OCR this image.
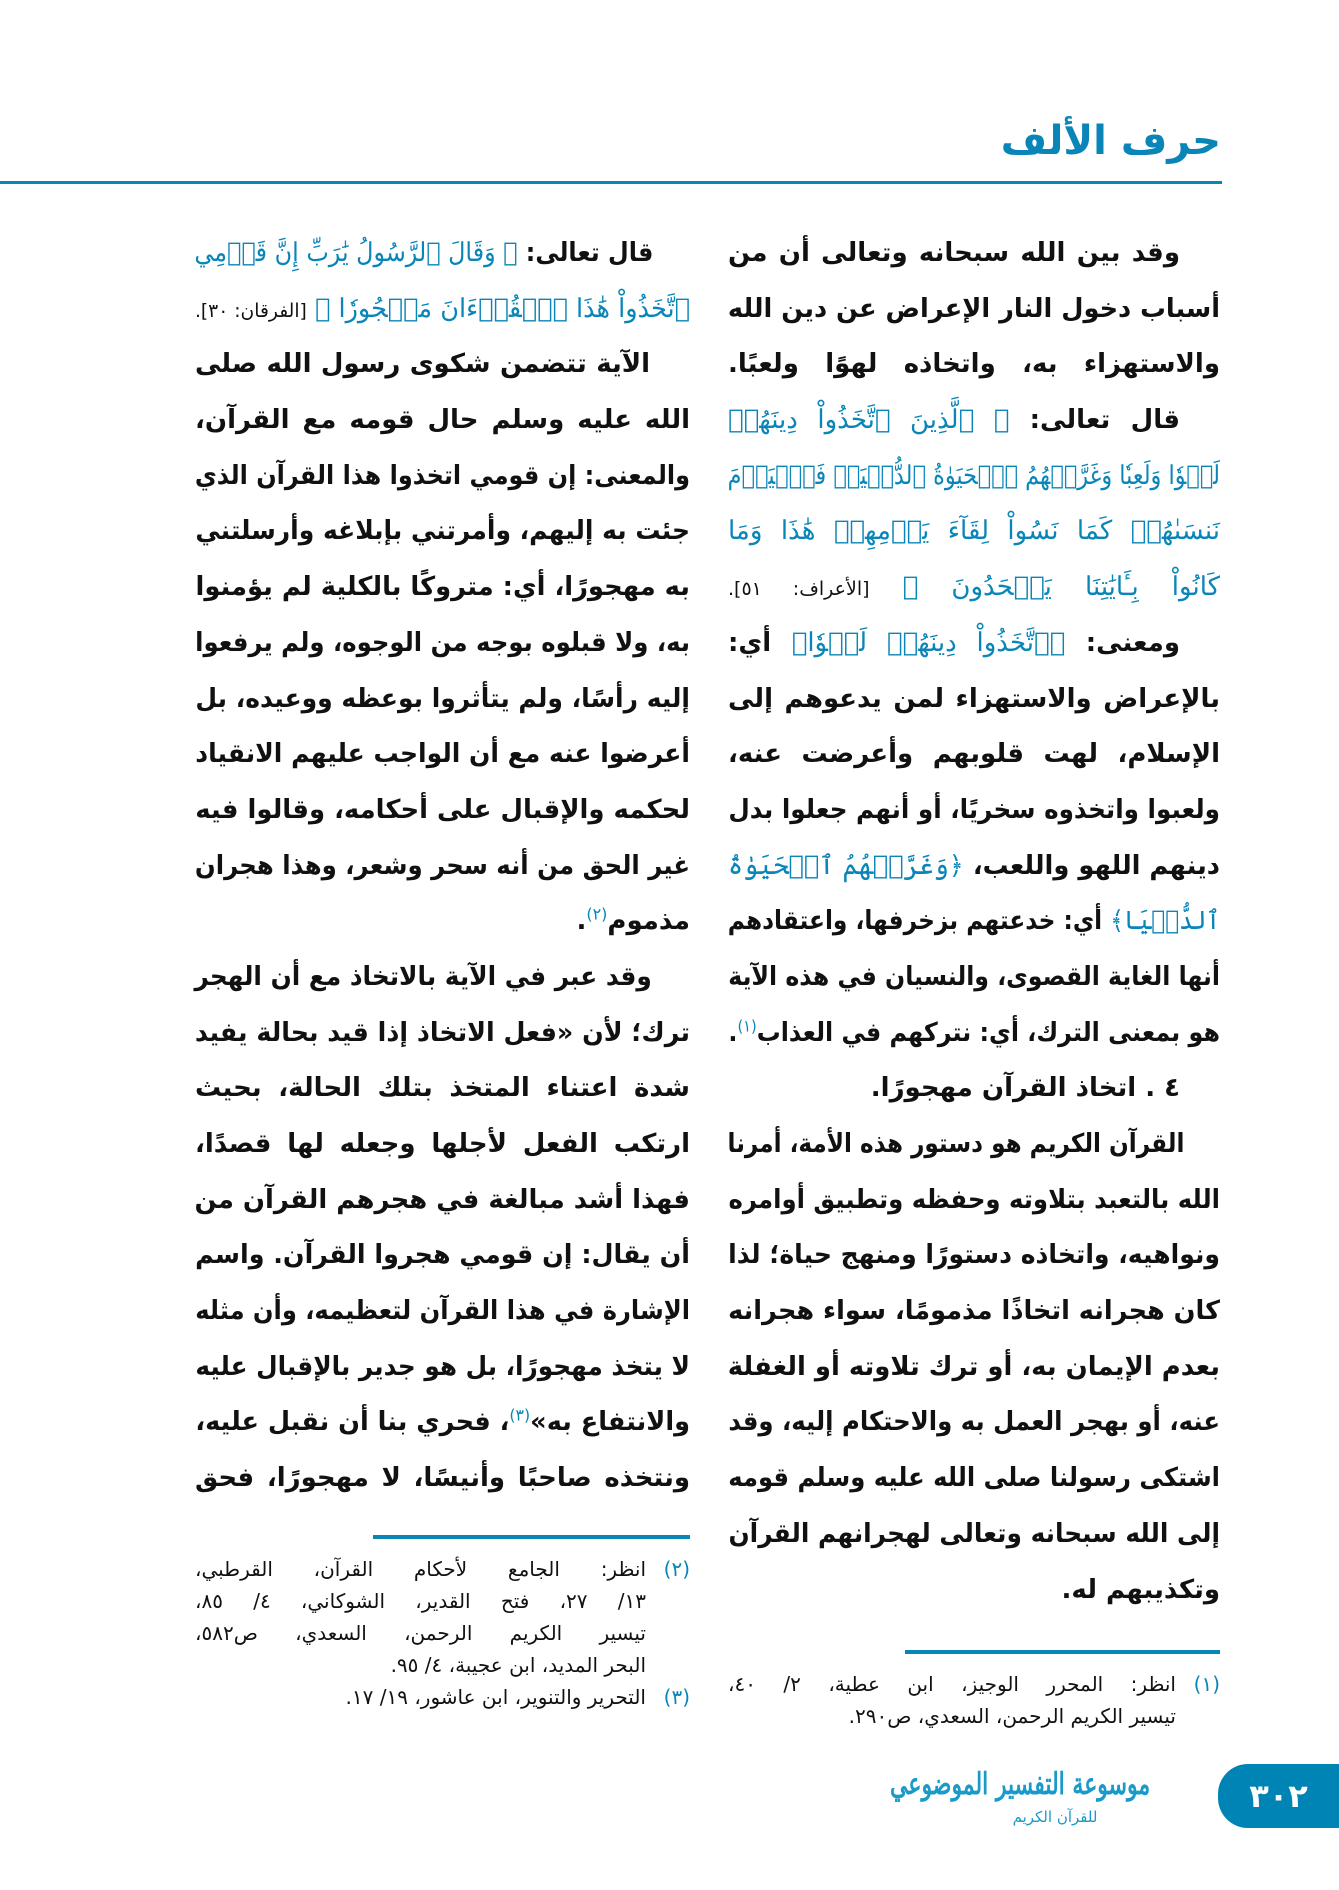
حرف الألف
وقد بين الله سبحانه وتعالى أن من
أسباب دخول النار الإعراض عن دين الله
والاستهزاء به، واتخاذه لهوًا ولعبًا.
قال تعالى: ﴿ ٱلَّذِينَ ٱتَّخَذُواْ دِينَهُمۡ
لَهۡوٗا وَلَعِبٗا وَغَرَّتۡهُمُ ٱلۡحَيَوٰةُ ٱلدُّنۡيَاۚ فَٱلۡيَوۡمَ
نَنسَىٰهُمۡ كَمَا نَسُواْ لِقَآءَ يَوۡمِهِمۡ هَٰذَا وَمَا
كَانُواْ بِـَٔايَٰتِنَا يَجۡحَدُونَ ﴾ [الأعراف: ٥١].
ومعنى: ﴿ٱتَّخَذُواْ دِينَهُمۡ لَهۡوٗا﴾ أي:
بالإعراض والاستهزاء لمن يدعوهم إلى
الإسلام، لهت قلوبهم وأعرضت عنه،
ولعبوا واتخذوه سخريًا، أو أنهم جعلوا بدل
دينهم اللهو واللعب، ﴿وَغَرَّتۡهُمُ ٱلۡحَيَوٰةُ
ٱلدُّنۡيَا﴾ أي: خدعتهم بزخرفها، واعتقادهم
أنها الغاية القصوى، والنسيان في هذه الآية
هو بمعنى الترك، أي: نتركهم في العذاب$^{(١)}$.
٤ . اتخاذ القرآن مهجورًا.
القرآن الكريم هو دستور هذه الأمة، أمرنا
الله بالتعبد بتلاوته وحفظه وتطبيق أوامره
ونواهيه، واتخاذه دستورًا ومنهج حياة؛ لذا
كان هجرانه اتخاذًا مذمومًا، سواء هجرانه
بعدم الإيمان به، أو ترك تلاوته أو الغفلة
عنه، أو بهجر العمل به والاحتكام إليه، وقد
اشتكى رسولنا صلى الله عليه وسلم قومه
إلى الله سبحانه وتعالى لهجرانهم القرآن
وتكذيبهم له.
قال تعالى: ﴿ وَقَالَ ٱلرَّسُولُ يَٰرَبِّ إِنَّ قَوۡمِي
ٱتَّخَذُواْ هَٰذَا ٱلۡقُرۡءَانَ مَهۡجُورٗا ﴾ [الفرقان: ٣٠].
الآية تتضمن شكوى رسول الله صلى
الله عليه وسلم حال قومه مع القرآن،
والمعنى: إن قومي اتخذوا هذا القرآن الذي
جئت به إليهم، وأمرتني بإبلاغه وأرسلتني
به مهجورًا، أي: متروكًا بالكلية لم يؤمنوا
به، ولا قبلوه بوجه من الوجوه، ولم يرفعوا
إليه رأسًا، ولم يتأثروا بوعظه ووعيده، بل
أعرضوا عنه مع أن الواجب عليهم الانقياد
لحكمه والإقبال على أحكامه، وقالوا فيه
غير الحق من أنه سحر وشعر، وهذا هجران
مذموم$^{(٢)}$.
وقد عبر في الآية بالاتخاذ مع أن الهجر
ترك؛ لأن «فعل الاتخاذ إذا قيد بحالة يفيد
شدة اعتناء المتخذ بتلك الحالة، بحيث
ارتكب الفعل لأجلها وجعله لها قصدًا،
فهذا أشد مبالغة في هجرهم القرآن من
أن يقال: إن قومي هجروا القرآن. واسم
الإشارة في هذا القرآن لتعظيمه، وأن مثله
لا يتخذ مهجورًا، بل هو جدير بالإقبال عليه
والانتفاع به»$^{(٣)}$، فحري بنا أن نقبل عليه،
ونتخذه صاحبًا وأنيسًا، لا مهجورًا، فحق
(١)انظر: المحرر الوجيز، ابن عطية، ٢/ ٤٠،
تيسير الكريم الرحمن، السعدي، ص٢٩٠.
(٢)انظر: الجامع لأحكام القرآن، القرطبي،
١٣/ ٢٧، فتح القدير، الشوكاني، ٤/ ٨٥،
تيسير الكريم الرحمن، السعدي، ص٥٨٢،
البحر المديد، ابن عجيبة، ٤/ ٩٥.
(٣)التحرير والتنوير، ابن عاشور، ١٩/ ١٧.
موسوعة التفسير الموضوعي
للقرآن الكريم
٣٠٢
